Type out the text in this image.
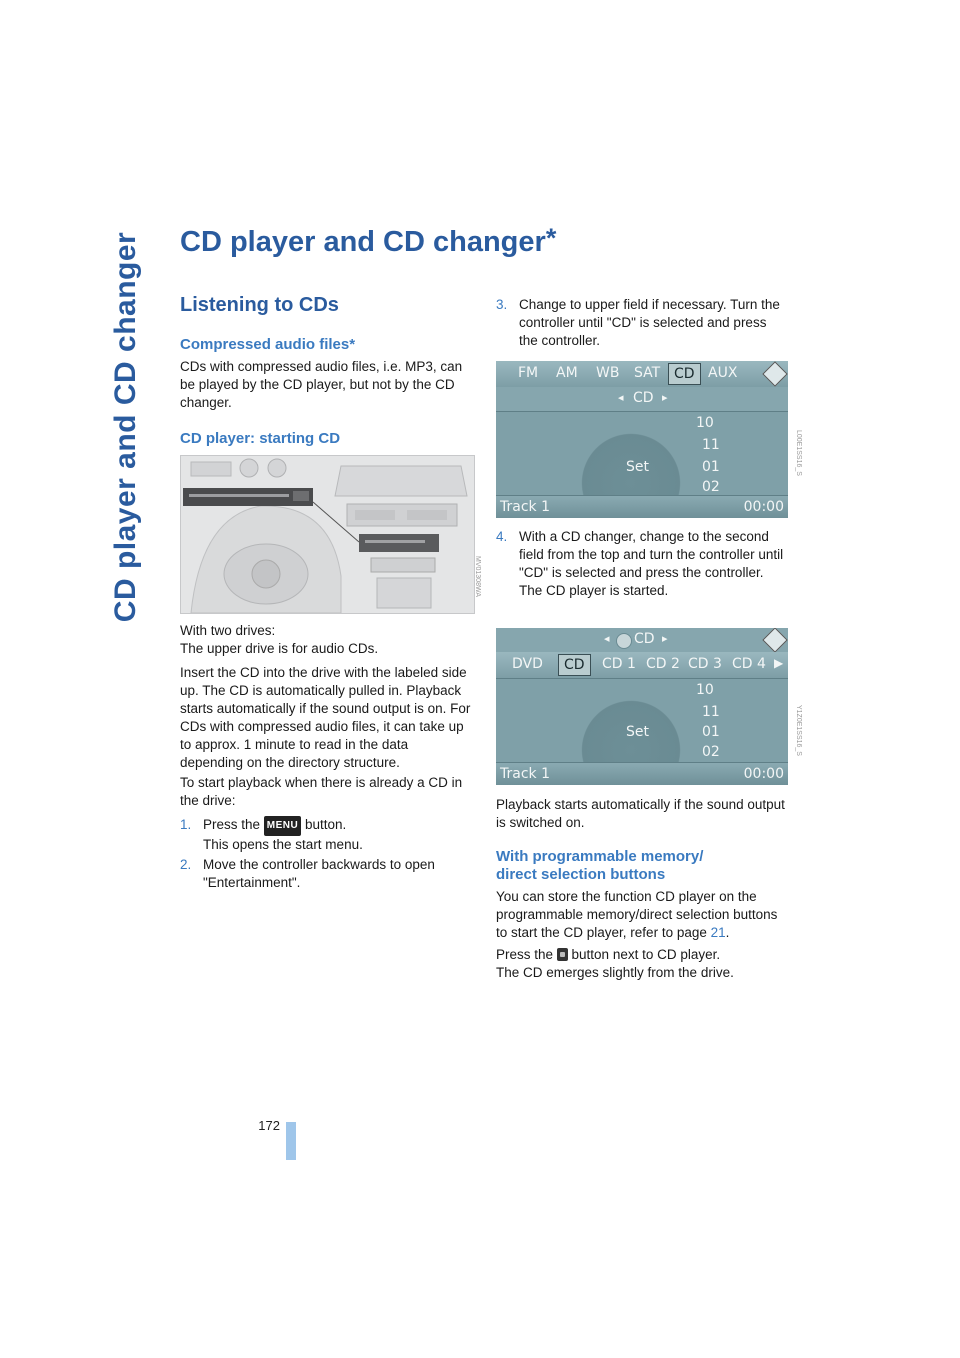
CD player and CD changer
172
CD player and CD changer*
Listening to CDs
Compressed audio files*

CDs with compressed audio files, i.e. MP3, can be played by the CD player, but not by the CD changer.

CD player: starting CD
MV01308WA

With two drives:

The upper drive is for audio CDs.

Insert the CD into the drive with the labeled side up. The CD is automatically pulled in. Playback starts automatically if the sound output is on. For CDs with compressed audio files, it can take up to approx. 1 minute to read in the data depending on the directory structure.

To start playback when there is already a CD in the drive:

1. Press the MENU button.
This opens the start menu.
2. Move the controller backwards to open "Entertainment".
3. Change to upper field if necessary. Turn the controller until "CD" is selected and press the controller.
FM AM WB SAT CD AUX
◂ CD ▸
10
11
01
02
Set
Track 1	00:00
L00E1SS16_S
4. With a CD changer, change to the second field from the top and turn the controller until "CD" is selected and press the controller.
The CD player is started.
◂ CD ▸
DVD	CD	CD 1 CD 2 CD 3 CD 4 ▶
10
11
01
02
Set
Track 1	00:00
Y1Z0E1SS16_S

Playback starts automatically if the sound output is switched on.

With programmable memory/
direct selection buttons

You can store the function CD player on the programmable memory/direct selection buttons to start the CD player, refer to page 21.

Press the  button next to CD player.

The CD emerges slightly from the drive.
